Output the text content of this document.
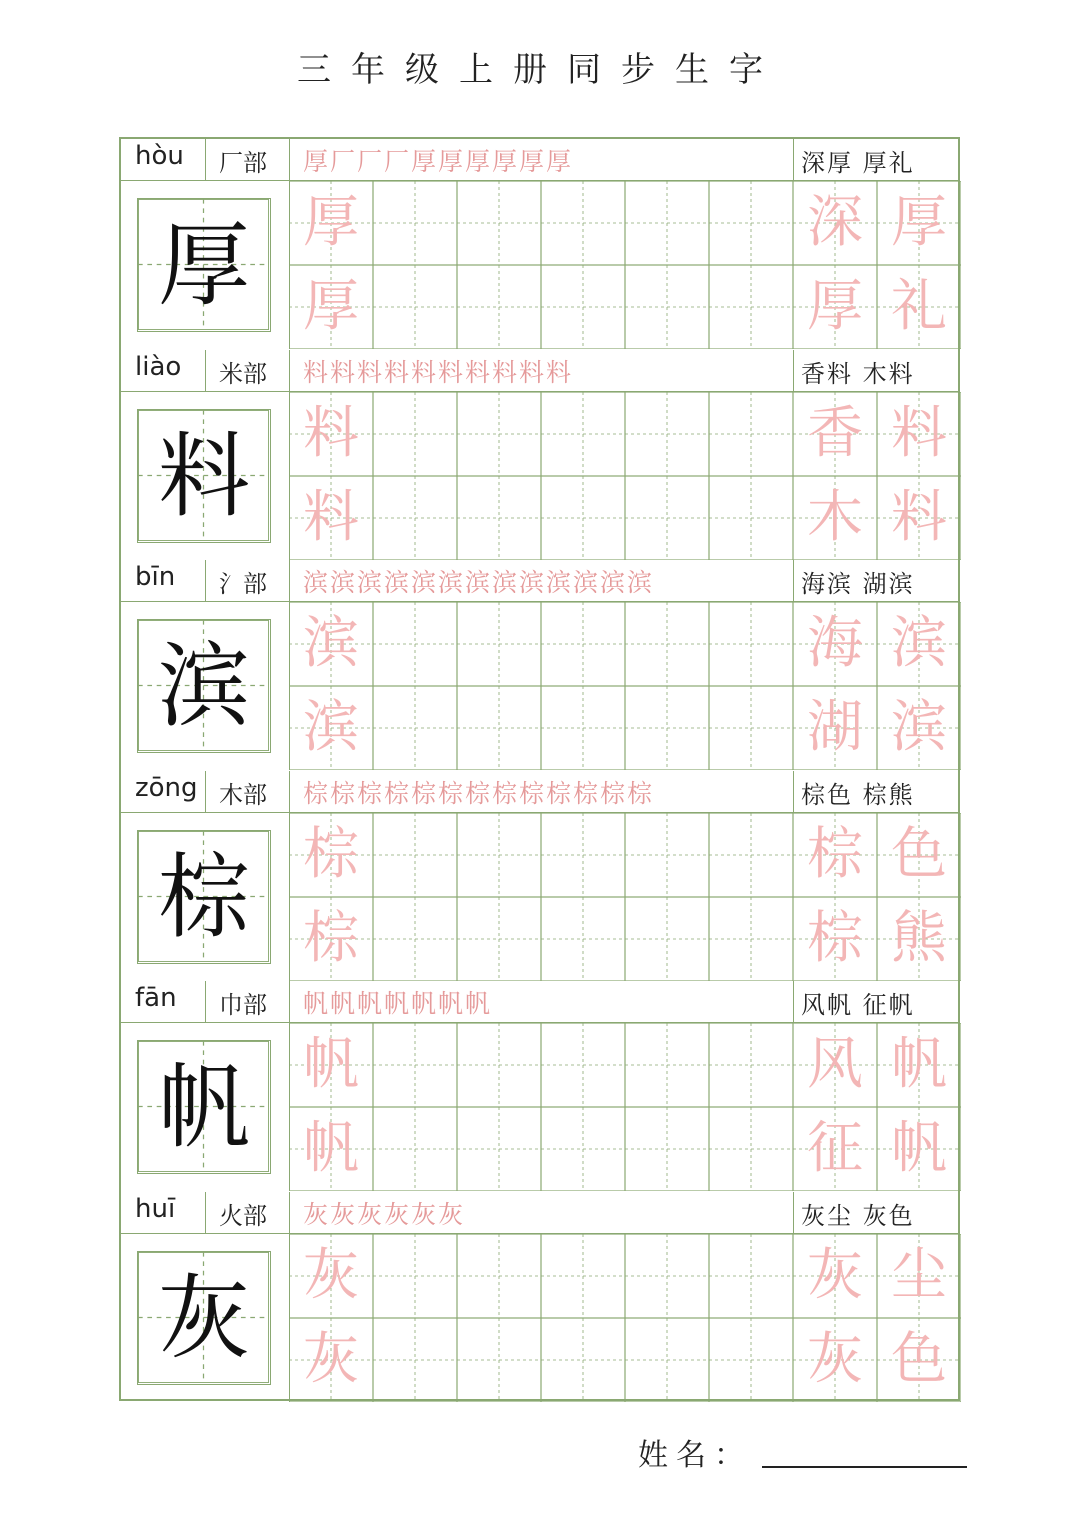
三年级上册同步生字
hòu 厂部 厚厂厂厂厚厚厚厚厚厚	深厚 厚礼
厚 厚	深 厚
厚	厚 礼
liào 米部 料料料料料料料料料料	香料 木料
料 料	香 料
料	木 料
bīn 氵部 滨滨滨滨滨滨滨滨滨滨滨滨滨	海滨 湖滨
滨 滨	海 滨
滨	湖 滨
zōng 木部 棕棕棕棕棕棕棕棕棕棕棕棕棕	棕色 棕熊
棕 棕	棕 色
棕	棕 熊
fān 巾部 帆帆帆帆帆帆帆	风帆 征帆
帆 帆	风 帆
帆	征 帆
huī 火部 灰灰灰灰灰灰	灰尘 灰色
灰 灰	灰 尘
灰	灰 色
姓名：
